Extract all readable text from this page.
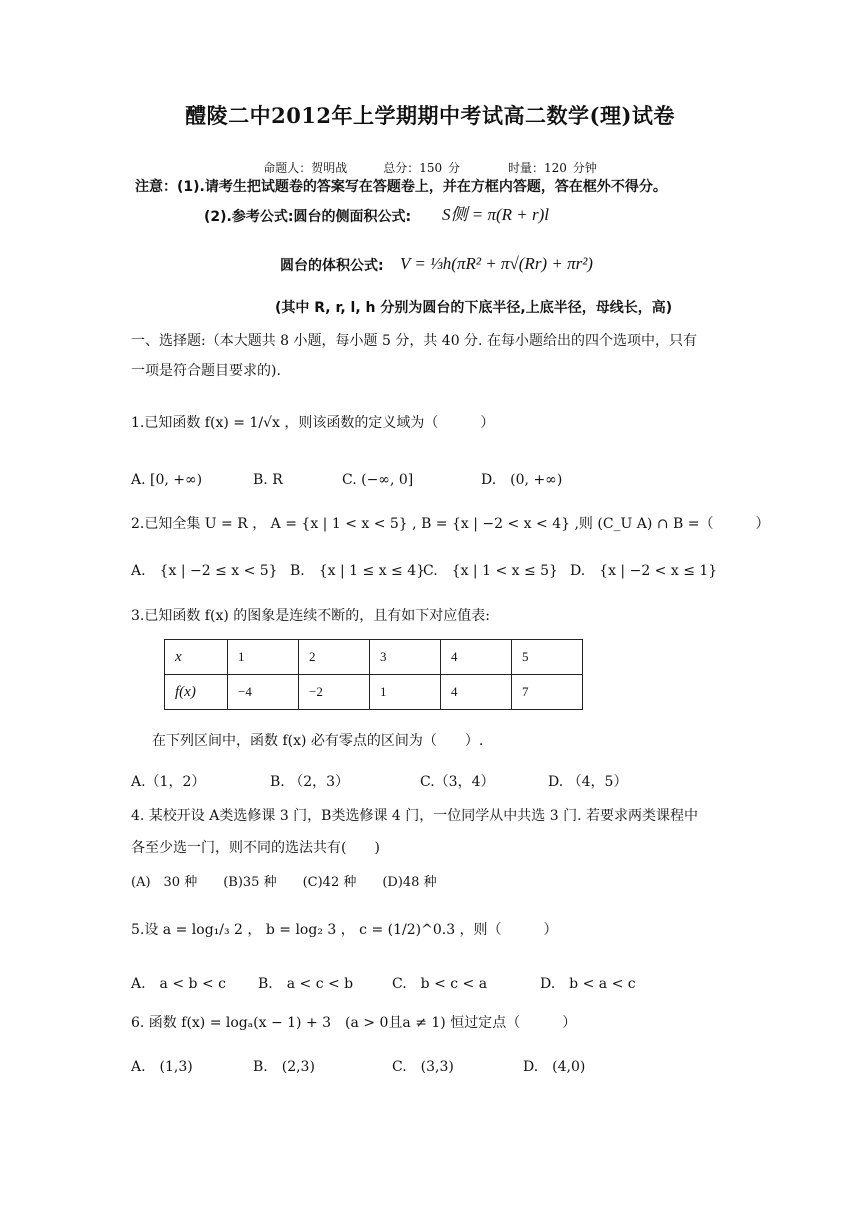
醴陵二中2012年上学期期中考试高二数学(理)试卷
命题人：贺明战　　　总分：150 分　　　　时量：120 分钟
注意：(1).请考生把试题卷的答案写在答题卷上，并在方框内答题，答在框外不得分。
(2).参考公式:圆台的侧面积公式: S侧 = π(R + r)l
圆台的体积公式: V = ⅓h(πR² + π√(Rr) + πr²)
(其中 R, r, l, h 分别为圆台的下底半径,上底半径，母线长，高)
一、选择题:（本大题共 8 小题，每小题 5 分，共 40 分. 在每小题给出的四个选项中，只有
一项是符合题目要求的).
1.已知函数 f(x) = 1/√x ，则该函数的定义域为（　　　）
A. [0, +∞)	B. R	C. (−∞, 0]	D.　(0, +∞)
2.已知全集 U = R ， A = {x | 1 < x < 5} , B = {x | −2 < x < 4} ,则 (C_U A) ∩ B =（　　　）
A.　{x | −2 ≤ x < 5} B.　{x | 1 ≤ x ≤ 4}
C.　{x | 1 < x ≤ 5} D.　{x | −2 < x ≤ 1}
3.已知函数 f(x) 的图象是连续不断的，且有如下对应值表:
x	1	2	3	4	5
f(x)	−4	−2	1	4	7
在下列区间中，函数 f(x) 必有零点的区间为（　　）.
A.（1，2）	B. （2，3）	C.（3，4）	D. （4，5）
4. 某校开设 A类选修课 3 门，B类选修课 4 门，一位同学从中共选 3 门. 若要求两类课程中
各至少选一门，则不同的选法共有(　　)
(A)　30 种　　(B)35 种　　(C)42 种　　(D)48 种
5.设 a = log₁/₃ 2 ， b = log₂ 3 ， c = (1/2)^0.3 ，则（　　　）
A.　a < b < c B.　a < c < b	C.　b < c < a	D.　b < a < c
6. 函数 f(x) = logₐ(x − 1) + 3　(a > 0且a ≠ 1) 恒过定点（　　　）
A.　(1,3)	B.　(2,3)	C.　(3,3)	D.　(4,0)
